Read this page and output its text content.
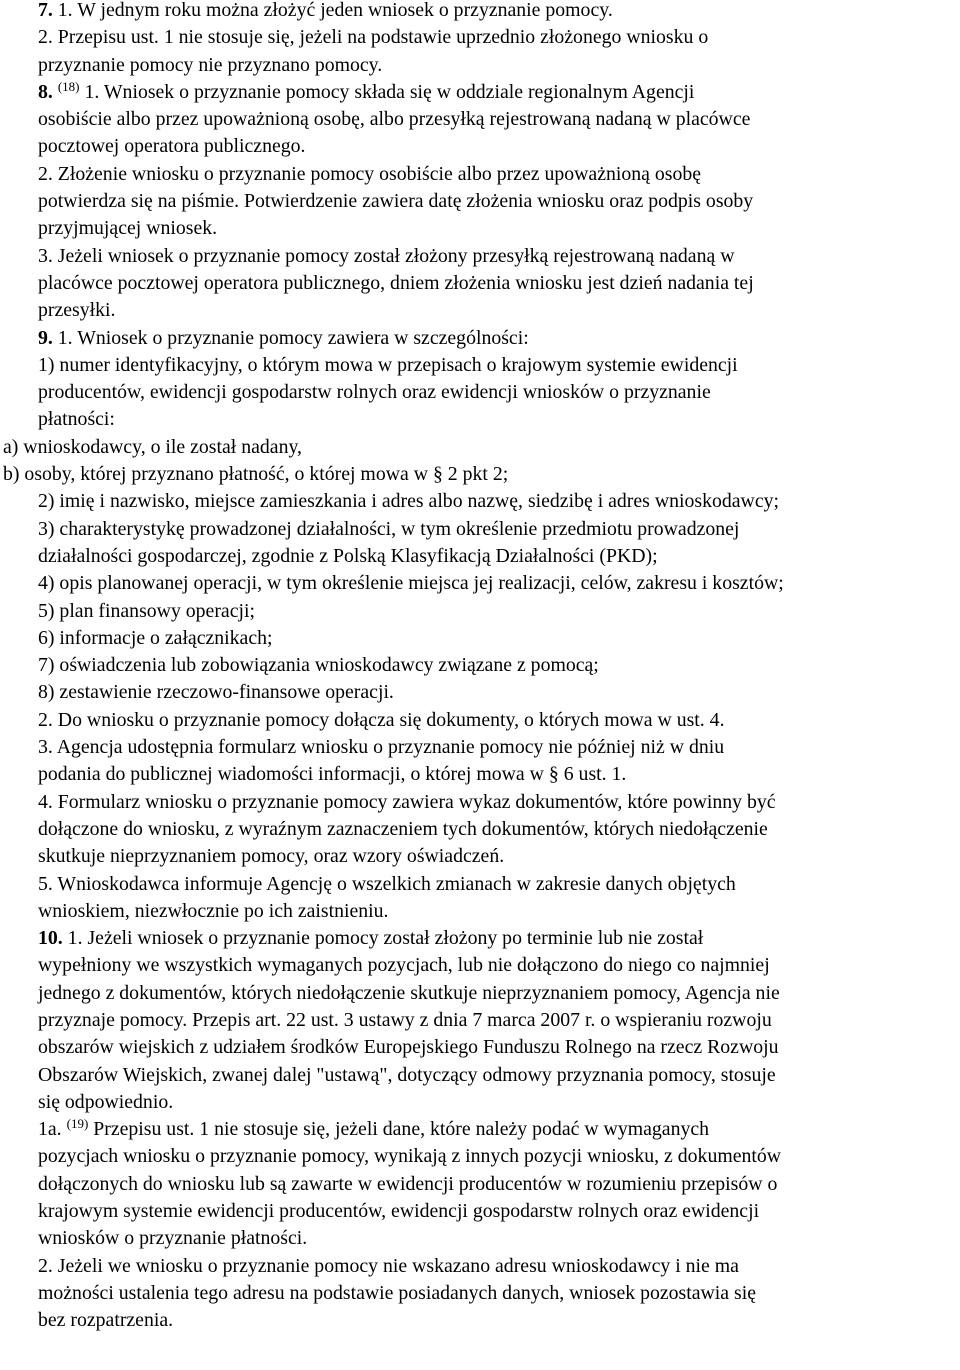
7. 1. W jednym roku można złożyć jeden wniosek o przyznanie pomocy.
2. Przepisu ust. 1 nie stosuje się, jeżeli na podstawie uprzednio złożonego wniosku o
przyznanie pomocy nie przyznano pomocy.
8. $^{(18)}$ 1. Wniosek o przyznanie pomocy składa się w oddziale regionalnym Agencji
osobiście albo przez upoważnioną osobę, albo przesyłką rejestrowaną nadaną w placówce
pocztowej operatora publicznego.
2. Złożenie wniosku o przyznanie pomocy osobiście albo przez upoważnioną osobę
potwierdza się na piśmie. Potwierdzenie zawiera datę złożenia wniosku oraz podpis osoby
przyjmującej wniosek.
3. Jeżeli wniosek o przyznanie pomocy został złożony przesyłką rejestrowaną nadaną w
placówce pocztowej operatora publicznego, dniem złożenia wniosku jest dzień nadania tej
przesyłki.
9. 1. Wniosek o przyznanie pomocy zawiera w szczególności:
1) numer identyfikacyjny, o którym mowa w przepisach o krajowym systemie ewidencji
producentów, ewidencji gospodarstw rolnych oraz ewidencji wniosków o przyznanie
płatności:
a) wnioskodawcy, o ile został nadany,
b) osoby, której przyznano płatność, o której mowa w § 2 pkt 2;
2) imię i nazwisko, miejsce zamieszkania i adres albo nazwę, siedzibę i adres wnioskodawcy;
3) charakterystykę prowadzonej działalności, w tym określenie przedmiotu prowadzonej
działalności gospodarczej, zgodnie z Polską Klasyfikacją Działalności (PKD);
4) opis planowanej operacji, w tym określenie miejsca jej realizacji, celów, zakresu i kosztów;
5) plan finansowy operacji;
6) informacje o załącznikach;
7) oświadczenia lub zobowiązania wnioskodawcy związane z pomocą;
8) zestawienie rzeczowo-finansowe operacji.
2. Do wniosku o przyznanie pomocy dołącza się dokumenty, o których mowa w ust. 4.
3. Agencja udostępnia formularz wniosku o przyznanie pomocy nie później niż w dniu
podania do publicznej wiadomości informacji, o której mowa w § 6 ust. 1.
4. Formularz wniosku o przyznanie pomocy zawiera wykaz dokumentów, które powinny być
dołączone do wniosku, z wyraźnym zaznaczeniem tych dokumentów, których niedołączenie
skutkuje nieprzyznaniem pomocy, oraz wzory oświadczeń.
5. Wnioskodawca informuje Agencję o wszelkich zmianach w zakresie danych objętych
wnioskiem, niezwłocznie po ich zaistnieniu.
10. 1. Jeżeli wniosek o przyznanie pomocy został złożony po terminie lub nie został
wypełniony we wszystkich wymaganych pozycjach, lub nie dołączono do niego co najmniej
jednego z dokumentów, których niedołączenie skutkuje nieprzyznaniem pomocy, Agencja nie
przyznaje pomocy. Przepis art. 22 ust. 3 ustawy z dnia 7 marca 2007 r. o wspieraniu rozwoju
obszarów wiejskich z udziałem środków Europejskiego Funduszu Rolnego na rzecz Rozwoju
Obszarów Wiejskich, zwanej dalej "ustawą", dotyczący odmowy przyznania pomocy, stosuje
się odpowiednio.
1a. $^{(19)}$ Przepisu ust. 1 nie stosuje się, jeżeli dane, które należy podać w wymaganych
pozycjach wniosku o przyznanie pomocy, wynikają z innych pozycji wniosku, z dokumentów
dołączonych do wniosku lub są zawarte w ewidencji producentów w rozumieniu przepisów o
krajowym systemie ewidencji producentów, ewidencji gospodarstw rolnych oraz ewidencji
wniosków o przyznanie płatności.
2. Jeżeli we wniosku o przyznanie pomocy nie wskazano adresu wnioskodawcy i nie ma
możności ustalenia tego adresu na podstawie posiadanych danych, wniosek pozostawia się
bez rozpatrzenia.
